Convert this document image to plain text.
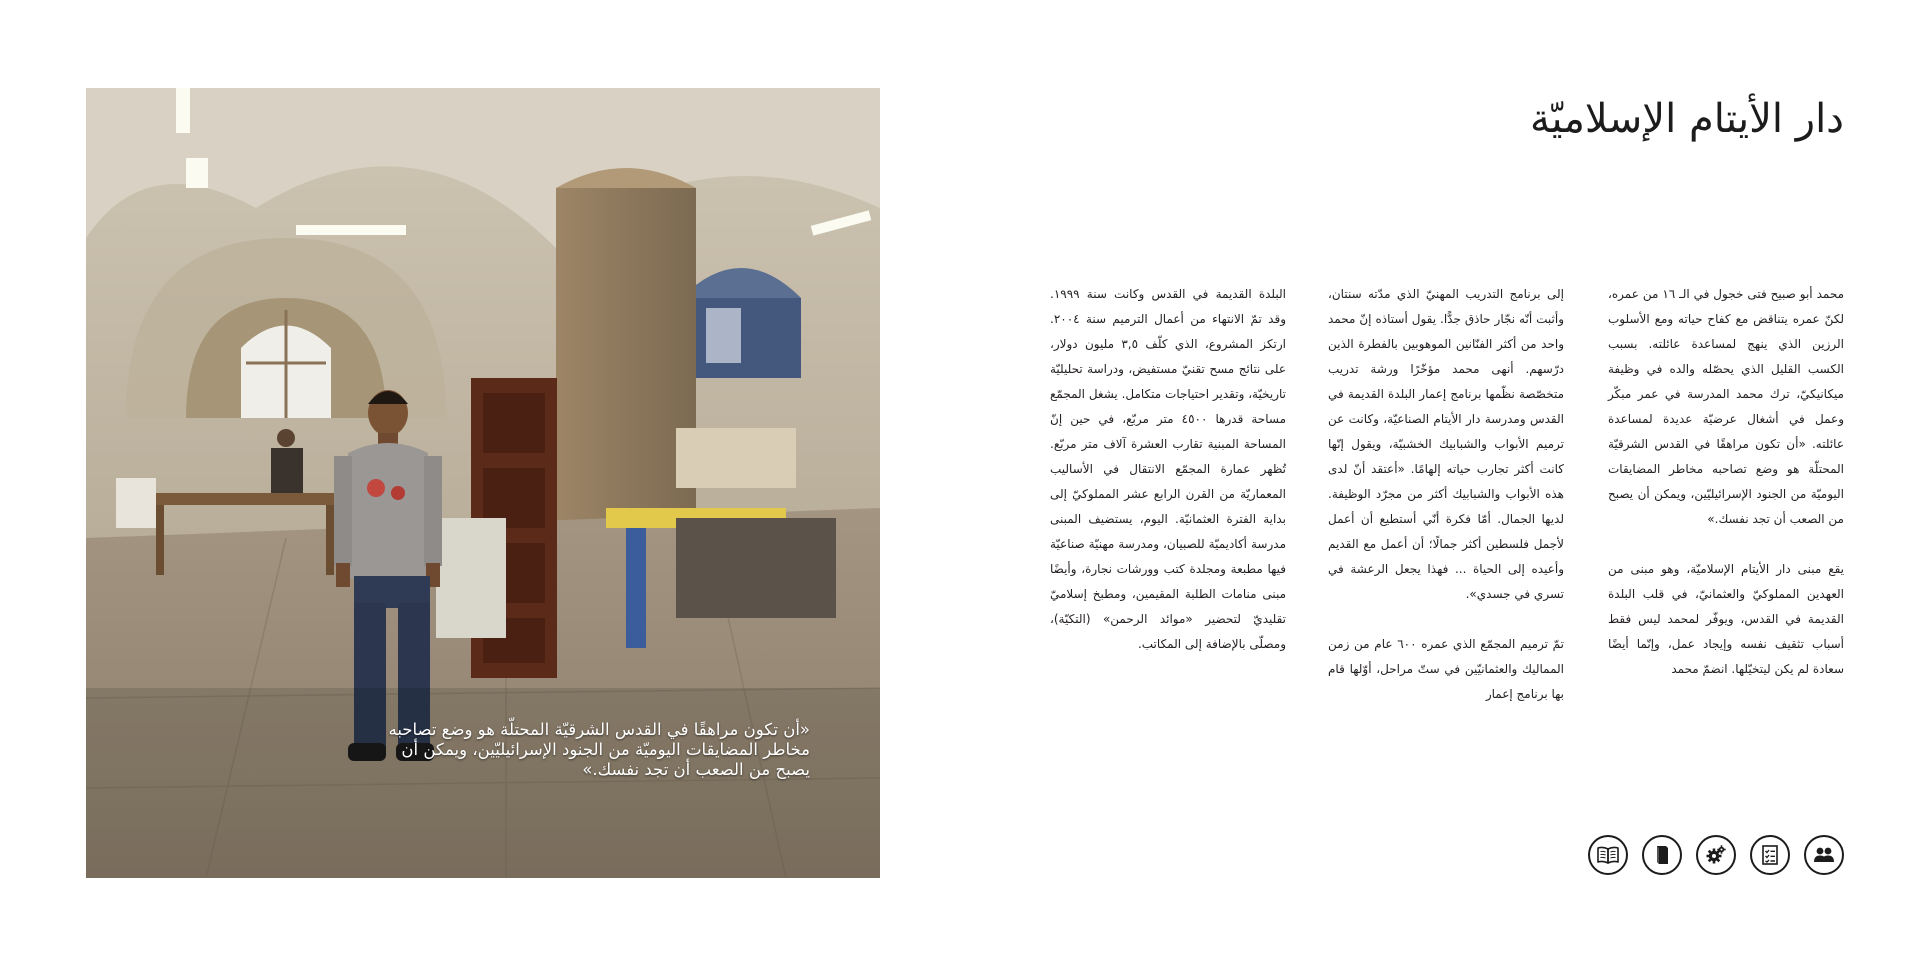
«أن تكون مراهقًا في القدس الشرقيّة المحتلّة هو وضع تصاحبه مخاطر المضايقات اليوميّة من الجنود الإسرائيليّين، ويمكن أن يصبح من الصعب أن تجد نفسك.»

دار الأيتام الإسلاميّة

محمد أبو صبيح فتى خجول في الـ ١٦ من عمره، لكنّ عمره يتناقض مع كفاح حياته ومع الأسلوب الرزين الذي ينهج لمساعدة عائلته. بسبب الكسب القليل الذي يحصّله والده في وظيفة ميكانيكيّ، ترك محمد المدرسة في عمر مبكّر وعمل في أشغال عرضيّة عديدة لمساعدة عائلته. «أن تكون مراهقًا في القدس الشرقيّة المحتلّة هو وضع تصاحبه مخاطر المضايقات اليوميّة من الجنود الإسرائيليّين، ويمكن أن يصبح من الصعب أن تجد نفسك.»

يقع مبنى دار الأيتام الإسلاميّة، وهو مبنى من العهدين المملوكيّ والعثمانيّ، في قلب البلدة القديمة في القدس، ويوفّر لمحمد ليس فقط أسباب تثقيف نفسه وإيجاد عمل، وإنّما أيضًا سعادة لم يكن ليتخيّلها. انضمّ محمد

إلى برنامج التدريب المهنيّ الذي مدّته سنتان، وأثبت أنّه نجّار حاذق جدًّا. يقول أستاذه إنّ محمد واحد من أكثر الفنّانين الموهوبين بالفطرة الذين درّسهم. أنهى محمد مؤخّرًا ورشة تدريب متخصّصة نظّمها برنامج إعمار البلدة القديمة في القدس ومدرسة دار الأيتام الصناعيّة، وكانت عن ترميم الأبواب والشبابيك الخشبيّة، ويقول إنّها كانت أكثر تجارب حياته إلهامًا. «أعتقد أنّ لدى هذه الأبواب والشبابيك أكثر من مجرّد الوظيفة. لديها الجمال. أمّا فكرة أنّي أستطيع أن أعمل لأجمل فلسطين أكثر جمالًا؛ أن أعمل مع القديم وأعيده إلى الحياة ... فهذا يجعل الرعشة في تسري في جسدي».

تمّ ترميم المجمّع الذي عمره ٦٠٠ عام من زمن المماليك والعثمانيّين في ستّ مراحل، أوّلها قام بها برنامج إعمار

البلدة القديمة في القدس وكانت سنة ١٩٩٩. وقد تمّ الانتهاء من أعمال الترميم سنة ٢٠٠٤. ارتكز المشروع، الذي كلّف ٣,٥ مليون دولار، على نتائج مسح تقنيّ مستفيض، ودراسة تحليليّة تاريخيّة، وتقدير احتياجات متكامل. يشغل المجمّع مساحة قدرها ٤٥٠٠ متر مربّع، في حين إنّ المساحة المبنية تقارب العشرة آلاف متر مربّع. تُظهر عمارة المجمّع الانتقال في الأساليب المعماريّة من القرن الرابع عشر المملوكيّ إلى بداية الفترة العثمانيّة. اليوم، يستضيف المبنى مدرسة أكاديميّة للصبيان، ومدرسة مهنيّة صناعيّة فيها مطبعة ومجلدة كتب وورشات نجارة، وأيضًا مبنى منامات الطلبة المقيمين، ومطبخ إسلاميّ تقليديّ لتحضير «موائد الرحمن» (التكيّة)، ومصلّى بالإضافة إلى المكاتب.
